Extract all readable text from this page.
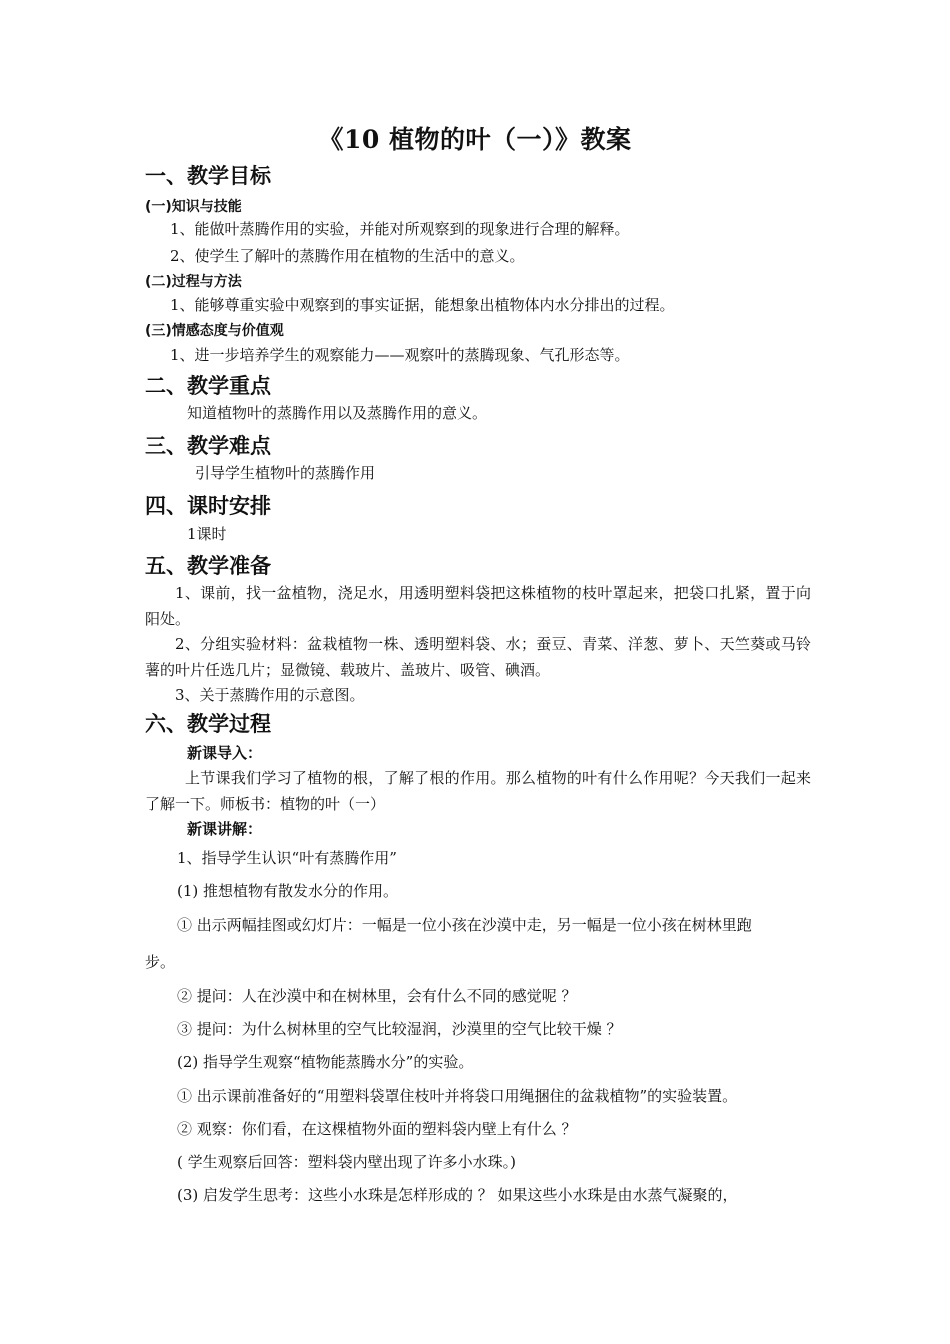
《10 植物的叶（一）》教案
一、教学目标
(一)知识与技能
1、能做叶蒸腾作用的实验，并能对所观察到的现象进行合理的解释。
2、使学生了解叶的蒸腾作用在植物的生活中的意义。
(二)过程与方法
1、能够尊重实验中观察到的事实证据，能想象出植物体内水分排出的过程。
(三)情感态度与价值观
1、进一步培养学生的观察能力——观察叶的蒸腾现象、气孔形态等。
二、教学重点
知道植物叶的蒸腾作用以及蒸腾作用的意义。
三、教学难点
引导学生植物叶的蒸腾作用
四、课时安排
1课时
五、教学准备
1、课前，找一盆植物，浇足水，用透明塑料袋把这株植物的枝叶罩起来，把袋口扎紧，置于向阳处。
2、分组实验材料：盆栽植物一株、透明塑料袋、水；蚕豆、青菜、洋葱、萝卜、天竺葵或马铃薯的叶片任选几片；显微镜、载玻片、盖玻片、吸管、碘酒。
3、关于蒸腾作用的示意图。
六、教学过程
新课导入：
上节课我们学习了植物的根，了解了根的作用。那么植物的叶有什么作用呢？今天我们一起来了解一下。师板书：植物的叶（一）
新课讲解：
1、指导学生认识“叶有蒸腾作用”
(1) 推想植物有散发水分的作用。
① 出示两幅挂图或幻灯片：一幅是一位小孩在沙漠中走，另一幅是一位小孩在树林里跑
步。
② 提问：人在沙漠中和在树林里，会有什么不同的感觉呢 ？
③ 提问：为什么树林里的空气比较湿润，沙漠里的空气比较干燥 ？
(2) 指导学生观察“植物能蒸腾水分”的实验。
① 出示课前准备好的“用塑料袋罩住枝叶并将袋口用绳捆住的盆栽植物”的实验装置。
② 观察：你们看，在这棵植物外面的塑料袋内壁上有什么 ？
( 学生观察后回答：塑料袋内壁出现了许多小水珠。)
(3) 启发学生思考：这些小水珠是怎样形成的 ？ 如果这些小水珠是由水蒸气凝聚的，
